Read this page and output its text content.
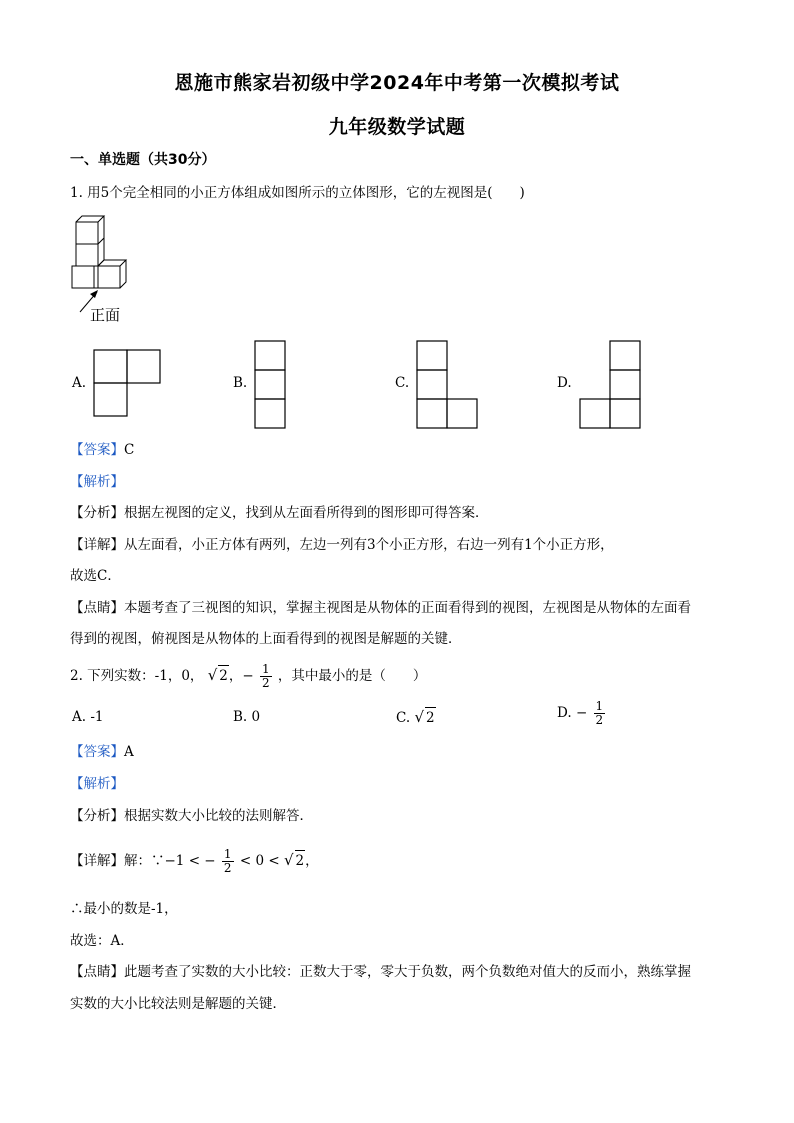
恩施市熊家岩初级中学2024年中考第一次模拟考试
九年级数学试题
一、单选题（共30分）
1. 用5个完全相同的小正方体组成如图所示的立体图形，它的左视图是(　　)
正面
A.	B.	C.	D.
【答案】C
【解析】
【分析】根据左视图的定义，找到从左面看所得到的图形即可得答案．
【详解】从左面看，小正方体有两列，左边一列有3个小正方形，右边一列有1个小正方形，
故选C．
【点睛】本题考查了三视图的知识，掌握主视图是从物体的正面看得到的视图，左视图是从物体的左面看
得到的视图，俯视图是从物体的上面看得到的视图是解题的关键．
2. 下列实数：-1，0， √ 2，− $\frac{1}{2}$ ，其中最小的是（　　）
A. -1	B. 0	C. √ 2	D. − $\frac{1}{2}$
【答案】A
【解析】
【分析】根据实数大小比较的法则解答．
【详解】解：∵−1 < − $\frac{1}{2} < 0$ < √ 2，
∴最小的数是-1，
故选：A．
【点睛】此题考查了实数的大小比较：正数大于零，零大于负数，两个负数绝对值大的反而小，熟练掌握
实数的大小比较法则是解题的关键．
